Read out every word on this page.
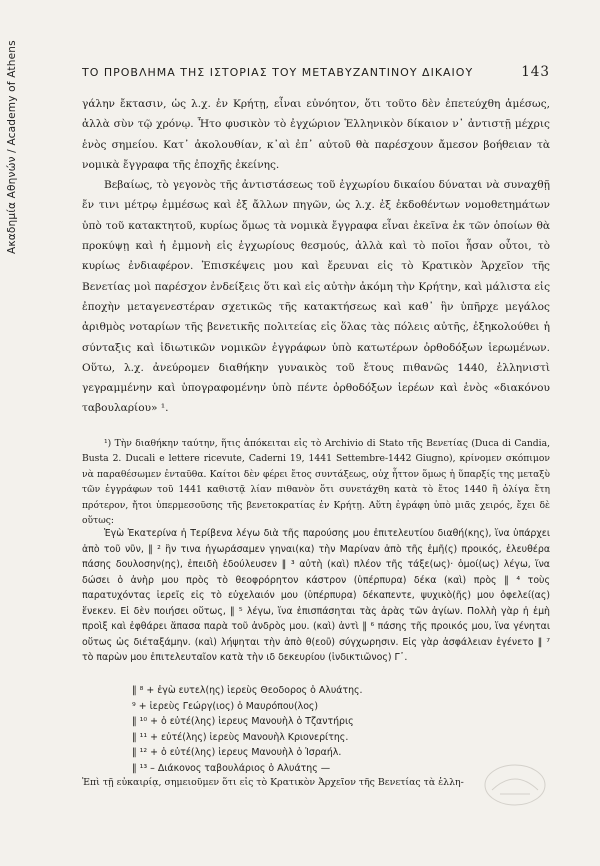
Ακαδημία Αθηνών / Academy of Athens	ΤΟ ΠΡΟΒΛΗΜΑ ΤΗΣ ΙΣΤΟΡΙΑΣ ΤΟΥ ΜΕΤΑΒΥΖΑΝΤΙΝΟΥ ΔΙΚΑΙΟΥ	143

γάλην ἔκτασιν, ὡς λ.χ. ἐν Κρήτῃ, εἶναι εὐνόητον, ὅτι τοῦτο δὲν ἐπετεύχθη ἀμέσως, ἀλλὰ σὺν τῷ χρόνῳ. Ἦτο φυσικὸν τὸ ἐγχώριον Ἑλληνικὸν δίκαιον ν᾽ ἀντιστῇ μέχρις ἑνὸς σημείου. Κατ᾽ ἀκολουθίαν, κ᾽αὶ ἐπ᾽ αὐτοῦ θὰ παρέσχουν ἄμεσον βοήθειαν τὰ νομικὰ ἔγγραφα τῆς ἐποχῆς ἐκείνης.

Βεβαίως, τὸ γεγονὸς τῆς ἀντιστάσεως τοῦ ἐγχωρίου δικαίου δύναται νὰ συναχθῇ ἔν τινι μέτρῳ ἐμμέσως καὶ ἐξ ἄλλων πηγῶν, ὡς λ.χ. ἐξ ἐκδοθέντων νομοθετημάτων ὑπὸ τοῦ κατακτητοῦ, κυρίως ὅμως τὰ νομικὰ ἔγγραφα εἶναι ἐκεῖνα ἐκ τῶν ὁποίων θὰ προκύψῃ καὶ ἡ ἐμμονὴ εἰς ἐγχωρίους θεσμούς, ἀλλὰ καὶ τὸ ποῖοι ἦσαν οὗτοι, τὸ κυρίως ἐνδιαφέρον. Ἐπισκέψεις μου καὶ ἔρευναι εἰς τὸ Κρατικὸν Ἀρχεῖον τῆς Βενετίας μοὶ παρέσχον ἐνδείξεις ὅτι καὶ εἰς αὐτὴν ἀκόμη τὴν Κρήτην, καὶ μάλιστα εἰς ἐποχὴν μεταγενεστέραν σχετικῶς τῆς κατακτήσεως καὶ καθ᾽ ἣν ὑπῆρχε μεγάλος ἀριθμὸς νοταρίων τῆς βενετικῆς πολιτείας εἰς ὅλας τὰς πόλεις αὐτῆς, ἐξηκολούθει ἡ σύνταξις καὶ ἰδιωτικῶν νομικῶν ἐγγράφων ὑπὸ κατωτέρων ὀρθοδόξων ἱερωμένων. Οὕτω, λ.χ. ἀνεύρομεν διαθήκην γυναικὸς τοῦ ἔτους πιθανῶς 1440, ἑλληνιστὶ γεγραμμένην καὶ ὑπογραφομένην ὑπὸ πέντε ὀρθοδόξων ἱερέων καὶ ἑνὸς «διακόνου ταβουλαρίου» ¹.

¹) Τὴν διαθήκην ταύτην, ἥτις ἀπόκειται εἰς τὸ Archivio di Stato τῆς Βενετίας (Duca di Candia, Busta 2. Ducali e lettere ricevute, Caderni 19, 1441 Settembre-1442 Giugno), κρίνομεν σκόπιμον νὰ παραθέσωμεν ἐνταῦθα. Καίτοι δὲν φέρει ἔτος συντάξεως, οὐχ ἧττον ὅμως ἡ ὕπαρξίς της μεταξὺ τῶν ἐγγράφων τοῦ 1441 καθιστᾷ λίαν πιθανὸν ὅτι συνετάχθη κατὰ τὸ ἔτος 1440 ἢ ὀλίγα ἔτη πρότερον, ἤτοι ὑπερμεσοῦσης τῆς βενετοκρατίας ἐν Κρήτῃ. Αὕτη ἐγράφη ὑπὸ μιᾶς χειρός, ἔχει δὲ οὕτως:

Ἐγὼ Ἐκατερίνα ἡ Τερίβενα λέγω διὰ τῆς παρούσης μου ἐπιτελευτίου διαθή(κης), ἵνα ὑπάρχει ἀπὸ τοῦ νῦν, ‖ ² ἣν τινα ἠγωράσαμεν γηναι(κα) τὴν Μαρίναν ἀπὸ τῆς ἐμῆ(ς) προικός, ἐλευθέρα πάσης δουλοσην(ης), ἐπειδὴ ἐδούλευσεν ‖ ³ αὐτὴ (καὶ) πλέον τῆς τάξε(ως)· ὁμοί(ως) λέγω, ἵνα δώσει ὁ ἀνὴρ μου πρὸς τὸ θεοφρόρητον κάστρον (ὑπέρπυρα) δέκα (καὶ) πρὸς ‖ ⁴ τοὺς παρατυχόντας ἱερεῖς εἰς τὸ εὐχελαιόν μου (ὑπέρπυρα) δέκαπεντε, ψυχικὸ(ῆς) μου ὀφελεί(ας) ἕνεκεν. Εἰ δὲν ποιήσει οὕτως, ‖ ⁵ λέγω, ἵνα ἐπισπάσηται τὰς ἀρὰς τῶν ἁγίων. Πολλὴ γὰρ ἡ ἐμὴ προὶξ καὶ ἐφθάρει ἅπασα παρὰ τοῦ ἀνδρὸς μου. (καὶ) ἀντὶ ‖ ⁶ πάσης τῆς προικός μου, ἵνα γένηται οὕτως ὡς διέταξάμην. (καὶ) λήψηται τὴν ἀπὸ θ(εοῦ) σύγχωρησιν. Εἰς γὰρ ἀσφάλειαν ἐγένετο ‖ ⁷ τὸ παρὼν μου ἐπιτελευταῖον κατὰ τὴν ιδ δεκευρίου (ἰνδικτιῶνος) Γ᾽.

‖ ⁸ + ἐγὼ ευτελ(ης) ἱερεὺς Θεοδορος ὁ Αλυάτης.
⁹ + ἱερεὺς Γεώργ(ιος) ὁ Μαυρόπου(λος)
‖ ¹⁰ + ὁ εὐτέ(λης) ἱερευς Μανουὴλ ὁ Τζαντήρις
‖ ¹¹ + εὐτέ(λης) ἱερεὺς Μανουὴλ Κριονερίτης.
‖ ¹² + ὁ εὐτέ(λης) ἱερευς Μανουὴλ ὁ Ἰσραήλ.
‖ ¹³ – Διάκονος ταβουλάριος ὁ Αλυάτης —
Ἐπὶ τῇ εὐκαιρίᾳ, σημειοῦμεν ὅτι εἰς τὸ Κρατικὸν Ἀρχεῖον τῆς Βενετίας τὰ ἑλλη-
